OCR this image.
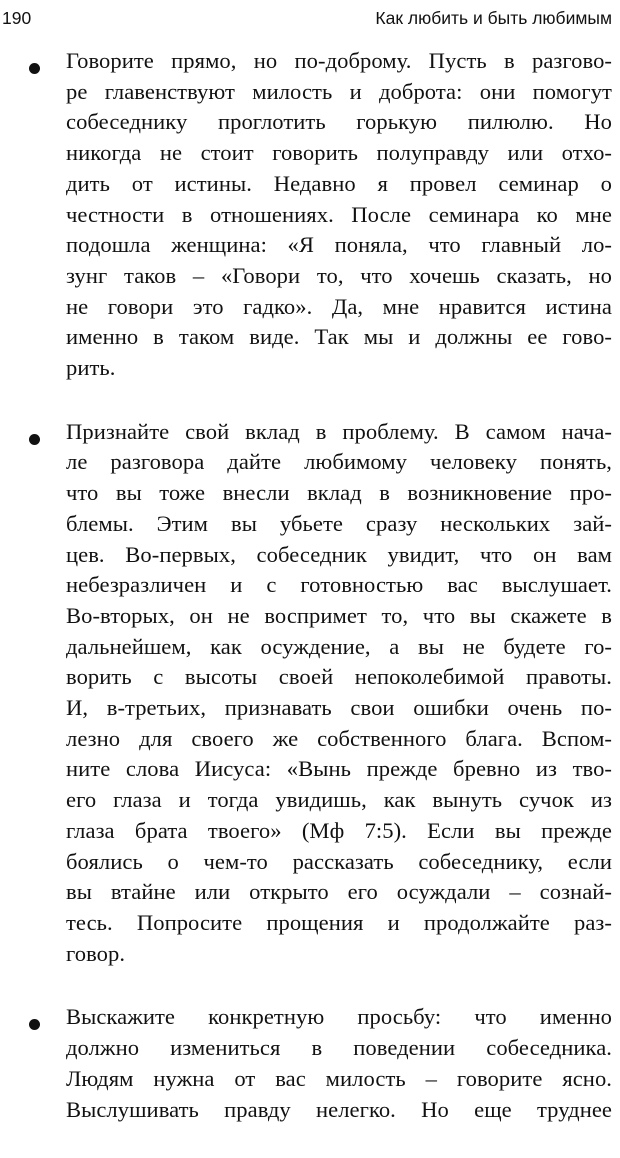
190	Как любить и быть любимым
Говорите прямо, но по-доброму. Пусть в разгово-
ре главенствуют милость и доброта: они помогут
собеседнику проглотить горькую пилюлю. Но
никогда не стоит говорить полуправду или отхо-
дить от истины. Недавно я провел семинар о
честности в отношениях. После семинара ко мне
подошла женщина: «Я поняла, что главный ло-
зунг таков – «Говори то, что хочешь сказать, но
не говори это гадко». Да, мне нравится истина
именно в таком виде. Так мы и должны ее гово-
рить.
Признайте свой вклад в проблему. В самом нача-
ле разговора дайте любимому человеку понять,
что вы тоже внесли вклад в возникновение про-
блемы. Этим вы убьете сразу нескольких зай-
цев. Во-первых, собеседник увидит, что он вам
небезразличен и с готовностью вас выслушает.
Во-вторых, он не воспримет то, что вы скажете в
дальнейшем, как осуждение, а вы не будете го-
ворить с высоты своей непоколебимой правоты.
И, в-третьих, признавать свои ошибки очень по-
лезно для своего же собственного блага. Вспом-
ните слова Иисуса: «Вынь прежде бревно из тво-
его глаза и тогда увидишь, как вынуть сучок из
глаза брата твоего» (Мф 7:5). Если вы прежде
боялись о чем-то рассказать собеседнику, если
вы втайне или открыто его осуждали – сознай-
тесь. Попросите прощения и продолжайте раз-
говор.
Выскажите конкретную просьбу: что именно
должно измениться в поведении собеседника.
Людям нужна от вас милость – говорите ясно.
Выслушивать правду нелегко. Но еще труднее
